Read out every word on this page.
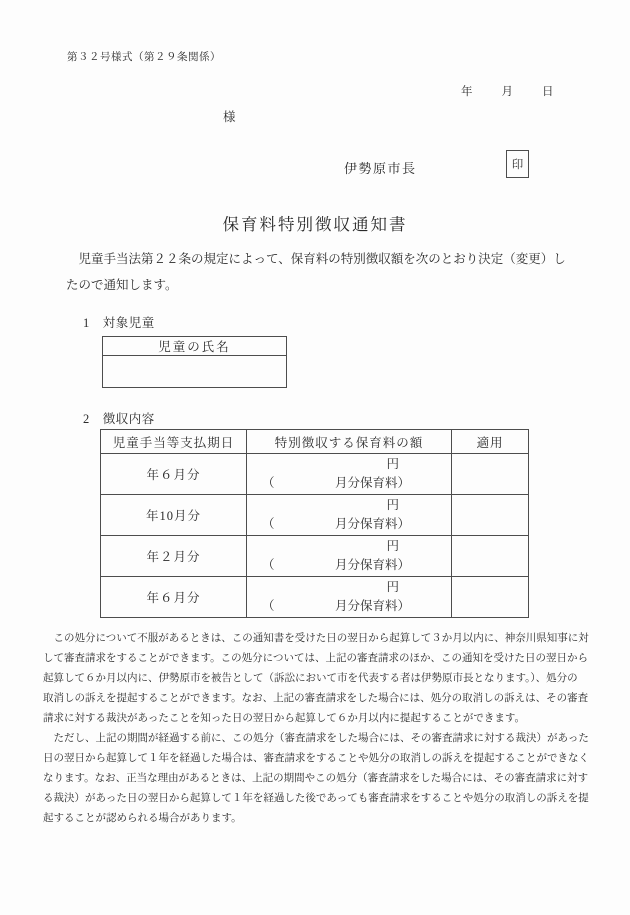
第３２号様式（第２９条関係）
年	月	日
様
伊勢原市長	印
保育料特別徴収通知書
　児童手当法第２２条の規定によって、保育料の特別徴収額を次のとおり決定（変更）し
たので通知します。
1　対象児童
児童の氏名

2　徴収内容
児童手当等支払期日	特別徴収する保育料の額	適用
年６月分	円
（ 月分保育料）	

年10月分	円
（ 月分保育料）	

年２月分	円
（ 月分保育料）	

年６月分	円
（ 月分保育料）	

　この処分について不服があるときは、この通知書を受けた日の翌日から起算して３か月以内に、神奈川県知事に対
して審査請求をすることができます。この処分については、上記の審査請求のほか、この通知を受けた日の翌日から
起算して６か月以内に、伊勢原市を被告として（訴訟において市を代表する者は伊勢原市長となります。）、処分の
取消しの訴えを提起することができます。なお、上記の審査請求をした場合には、処分の取消しの訴えは、その審査
請求に対する裁決があったことを知った日の翌日から起算して６か月以内に提起することができます。
　ただし、上記の期間が経過する前に、この処分（審査請求をした場合には、その審査請求に対する裁決）があった
日の翌日から起算して１年を経過した場合は、審査請求をすることや処分の取消しの訴えを提起することができなく
なります。なお、正当な理由があるときは、上記の期間やこの処分（審査請求をした場合には、その審査請求に対す
る裁決）があった日の翌日から起算して１年を経過した後であっても審査請求をすることや処分の取消しの訴えを提
起することが認められる場合があります。
